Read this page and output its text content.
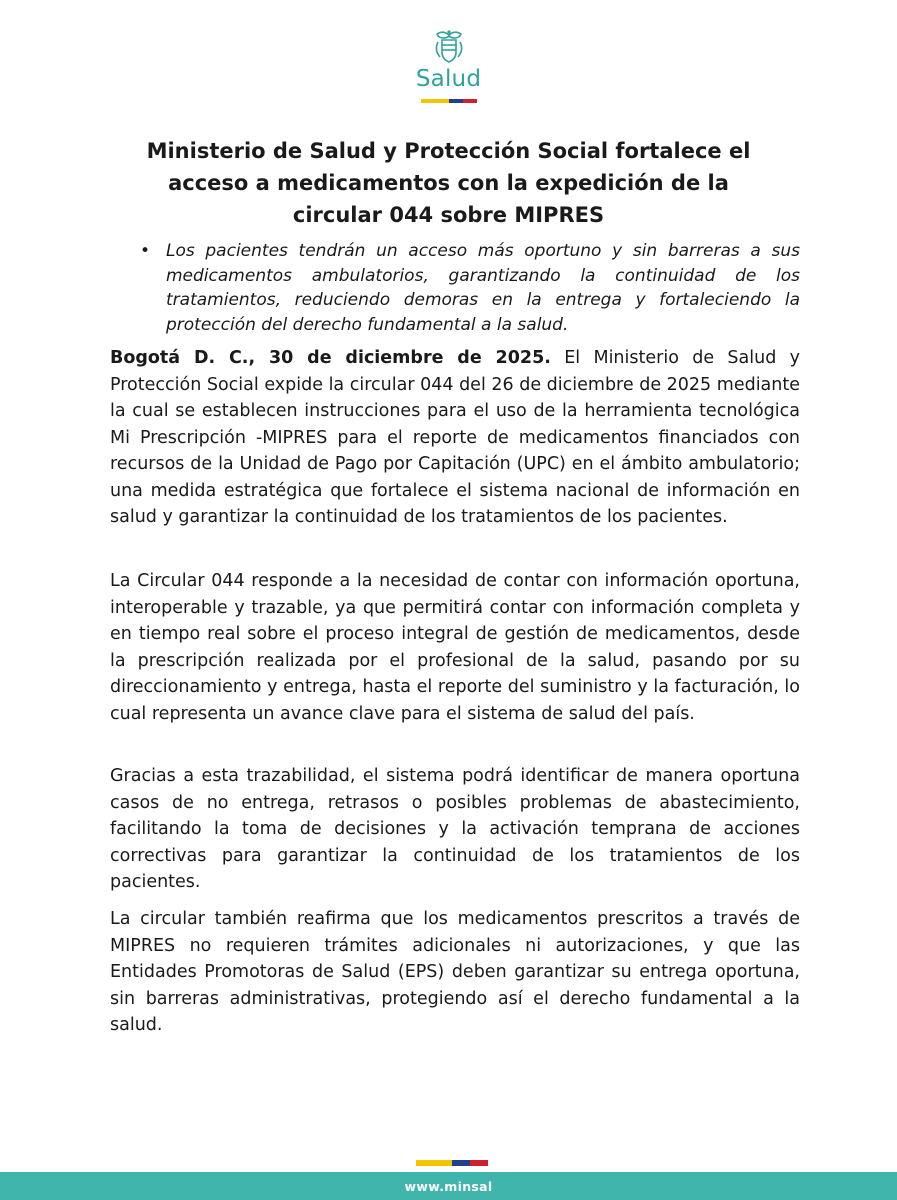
Salud
Ministerio de Salud y Protección Social fortalece el acceso a medicamentos con la expedición de la circular 044 sobre MIPRES
• Los pacientes tendrán un acceso más oportuno y sin barreras a sus medicamentos ambulatorios, garantizando la continuidad de los tratamientos, reduciendo demoras en la entrega y fortaleciendo la protección del derecho fundamental a la salud.

Bogotá D. C., 30 de diciembre de 2025. El Ministerio de Salud y Protección Social expide la circular 044 del 26 de diciembre de 2025 mediante la cual se establecen instrucciones para el uso de la herramienta tecnológica Mi Prescripción -MIPRES para el reporte de medicamentos financiados con recursos de la Unidad de Pago por Capitación (UPC) en el ámbito ambulatorio; una medida estratégica que fortalece el sistema nacional de información en salud y garantizar la continuidad de los tratamientos de los pacientes.

La Circular 044 responde a la necesidad de contar con información oportuna, interoperable y trazable, ya que permitirá contar con información completa y en tiempo real sobre el proceso integral de gestión de medicamentos, desde la prescripción realizada por el profesional de la salud, pasando por su direccionamiento y entrega, hasta el reporte del suministro y la facturación, lo cual representa un avance clave para el sistema de salud del país.

Gracias a esta trazabilidad, el sistema podrá identificar de manera oportuna casos de no entrega, retrasos o posibles problemas de abastecimiento, facilitando la toma de decisiones y la activación temprana de acciones correctivas para garantizar la continuidad de los tratamientos de los pacientes.

La circular también reafirma que los medicamentos prescritos a través de MIPRES no requieren trámites adicionales ni autorizaciones, y que las Entidades Promotoras de Salud (EPS) deben garantizar su entrega oportuna, sin barreras administrativas, protegiendo así el derecho fundamental a la salud.

www.minsal
